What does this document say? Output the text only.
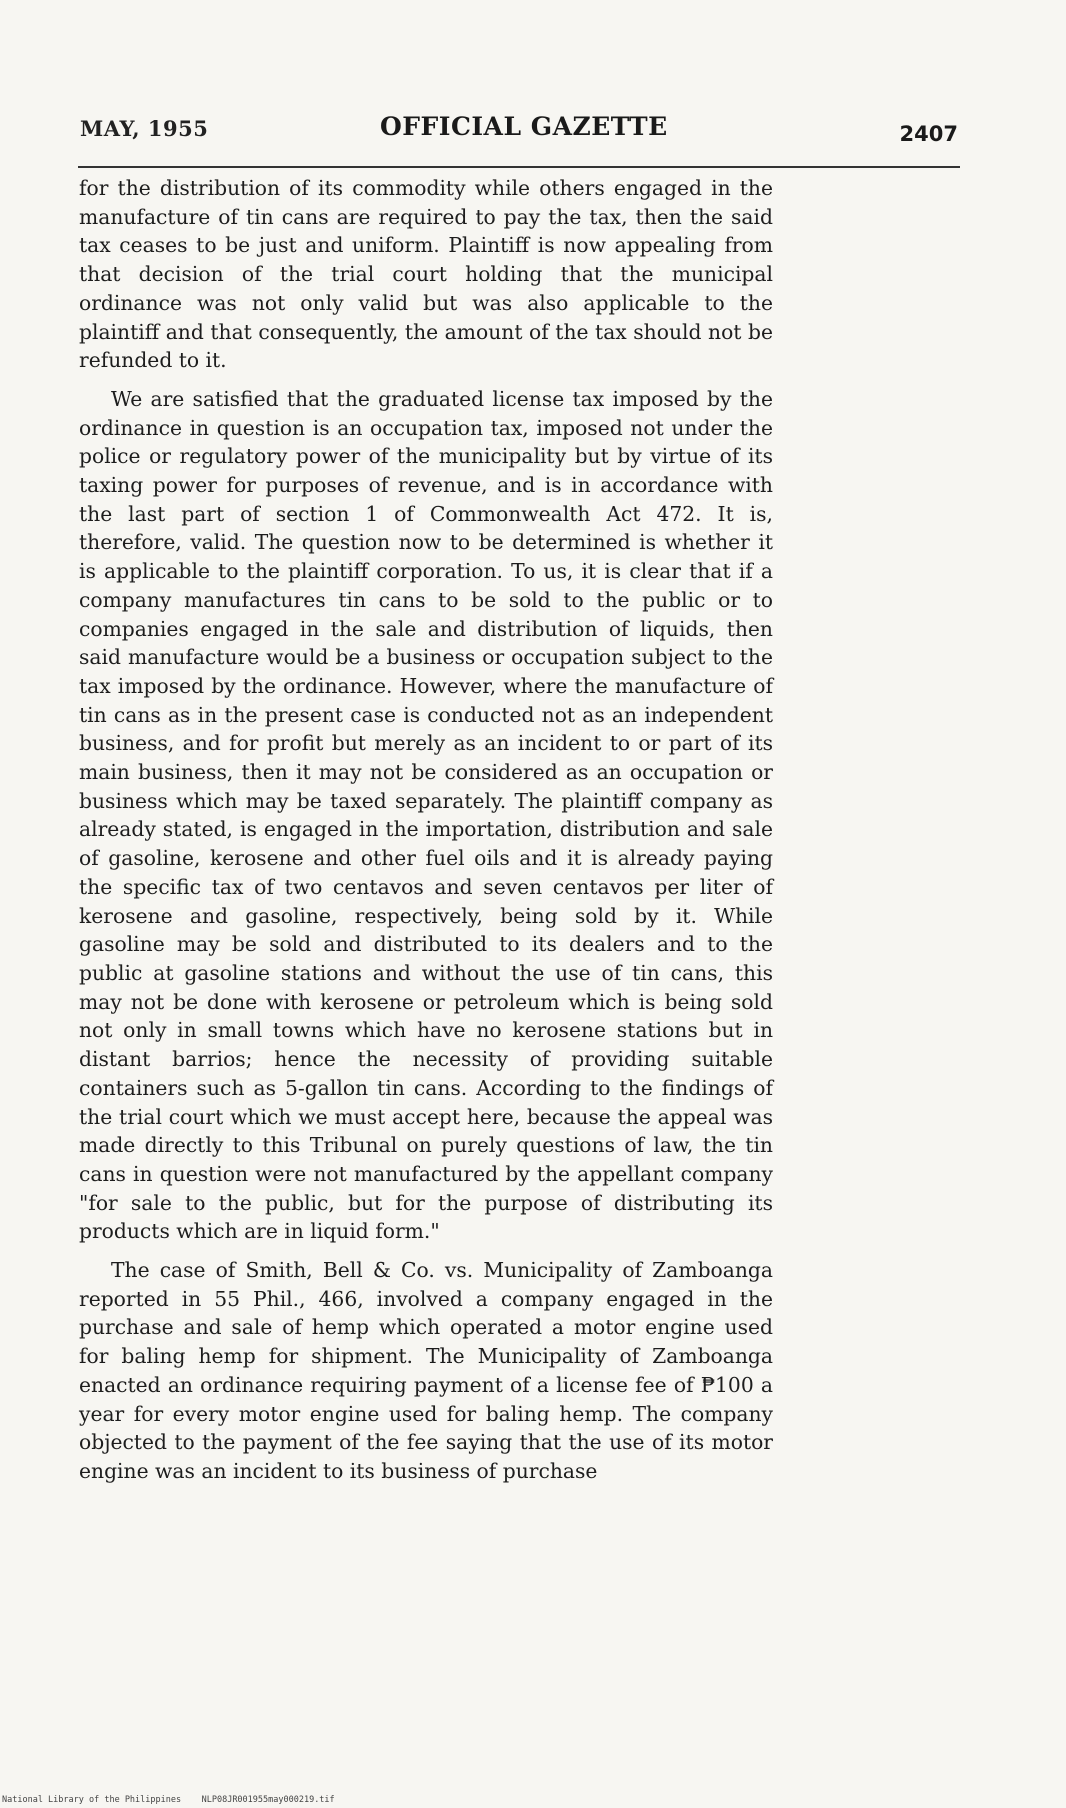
MAY, 1955	OFFICIAL GAZETTE	2407

for the distribution of its commodity while others engaged in the manufacture of tin cans are required to pay the tax, then the said tax ceases to be just and uniform. Plaintiff is now appealing from that decision of the trial court holding that the municipal ordinance was not only valid but was also applicable to the plaintiff and that consequently, the amount of the tax should not be refunded to it.

We are satisfied that the graduated license tax imposed by the ordinance in question is an occupation tax, imposed not under the police or regulatory power of the municipality but by virtue of its taxing power for purposes of revenue, and is in accordance with the last part of section 1 of Commonwealth Act 472. It is, therefore, valid. The question now to be determined is whether it is applicable to the plaintiff corporation. To us, it is clear that if a company manufactures tin cans to be sold to the public or to companies engaged in the sale and distribution of liquids, then said manufacture would be a business or occupation subject to the tax imposed by the ordinance. However, where the manufacture of tin cans as in the present case is conducted not as an independent business, and for profit but merely as an incident to or part of its main business, then it may not be considered as an occupation or business which may be taxed separately. The plaintiff company as already stated, is engaged in the importation, distribution and sale of gasoline, kerosene and other fuel oils and it is already paying the specific tax of two centavos and seven centavos per liter of kerosene and gasoline, respectively, being sold by it. While gasoline may be sold and distributed to its dealers and to the public at gasoline stations and without the use of tin cans, this may not be done with kerosene or petroleum which is being sold not only in small towns which have no kerosene stations but in distant barrios; hence the necessity of providing suitable containers such as 5-gallon tin cans. According to the findings of the trial court which we must accept here, because the appeal was made directly to this Tribunal on purely questions of law, the tin cans in question were not manufactured by the appellant company "for sale to the public, but for the purpose of distributing its products which are in liquid form."

The case of Smith, Bell & Co. vs. Municipality of Zamboanga reported in 55 Phil., 466, involved a company engaged in the purchase and sale of hemp which operated a motor engine used for baling hemp for shipment. The Municipality of Zamboanga enacted an ordinance requiring payment of a license fee of ₱100 a year for every motor engine used for baling hemp. The company objected to the payment of the fee saying that the use of its motor engine was an incident to its business of purchase

National Library of the Philippines NLP08JR001955may000219.tif
